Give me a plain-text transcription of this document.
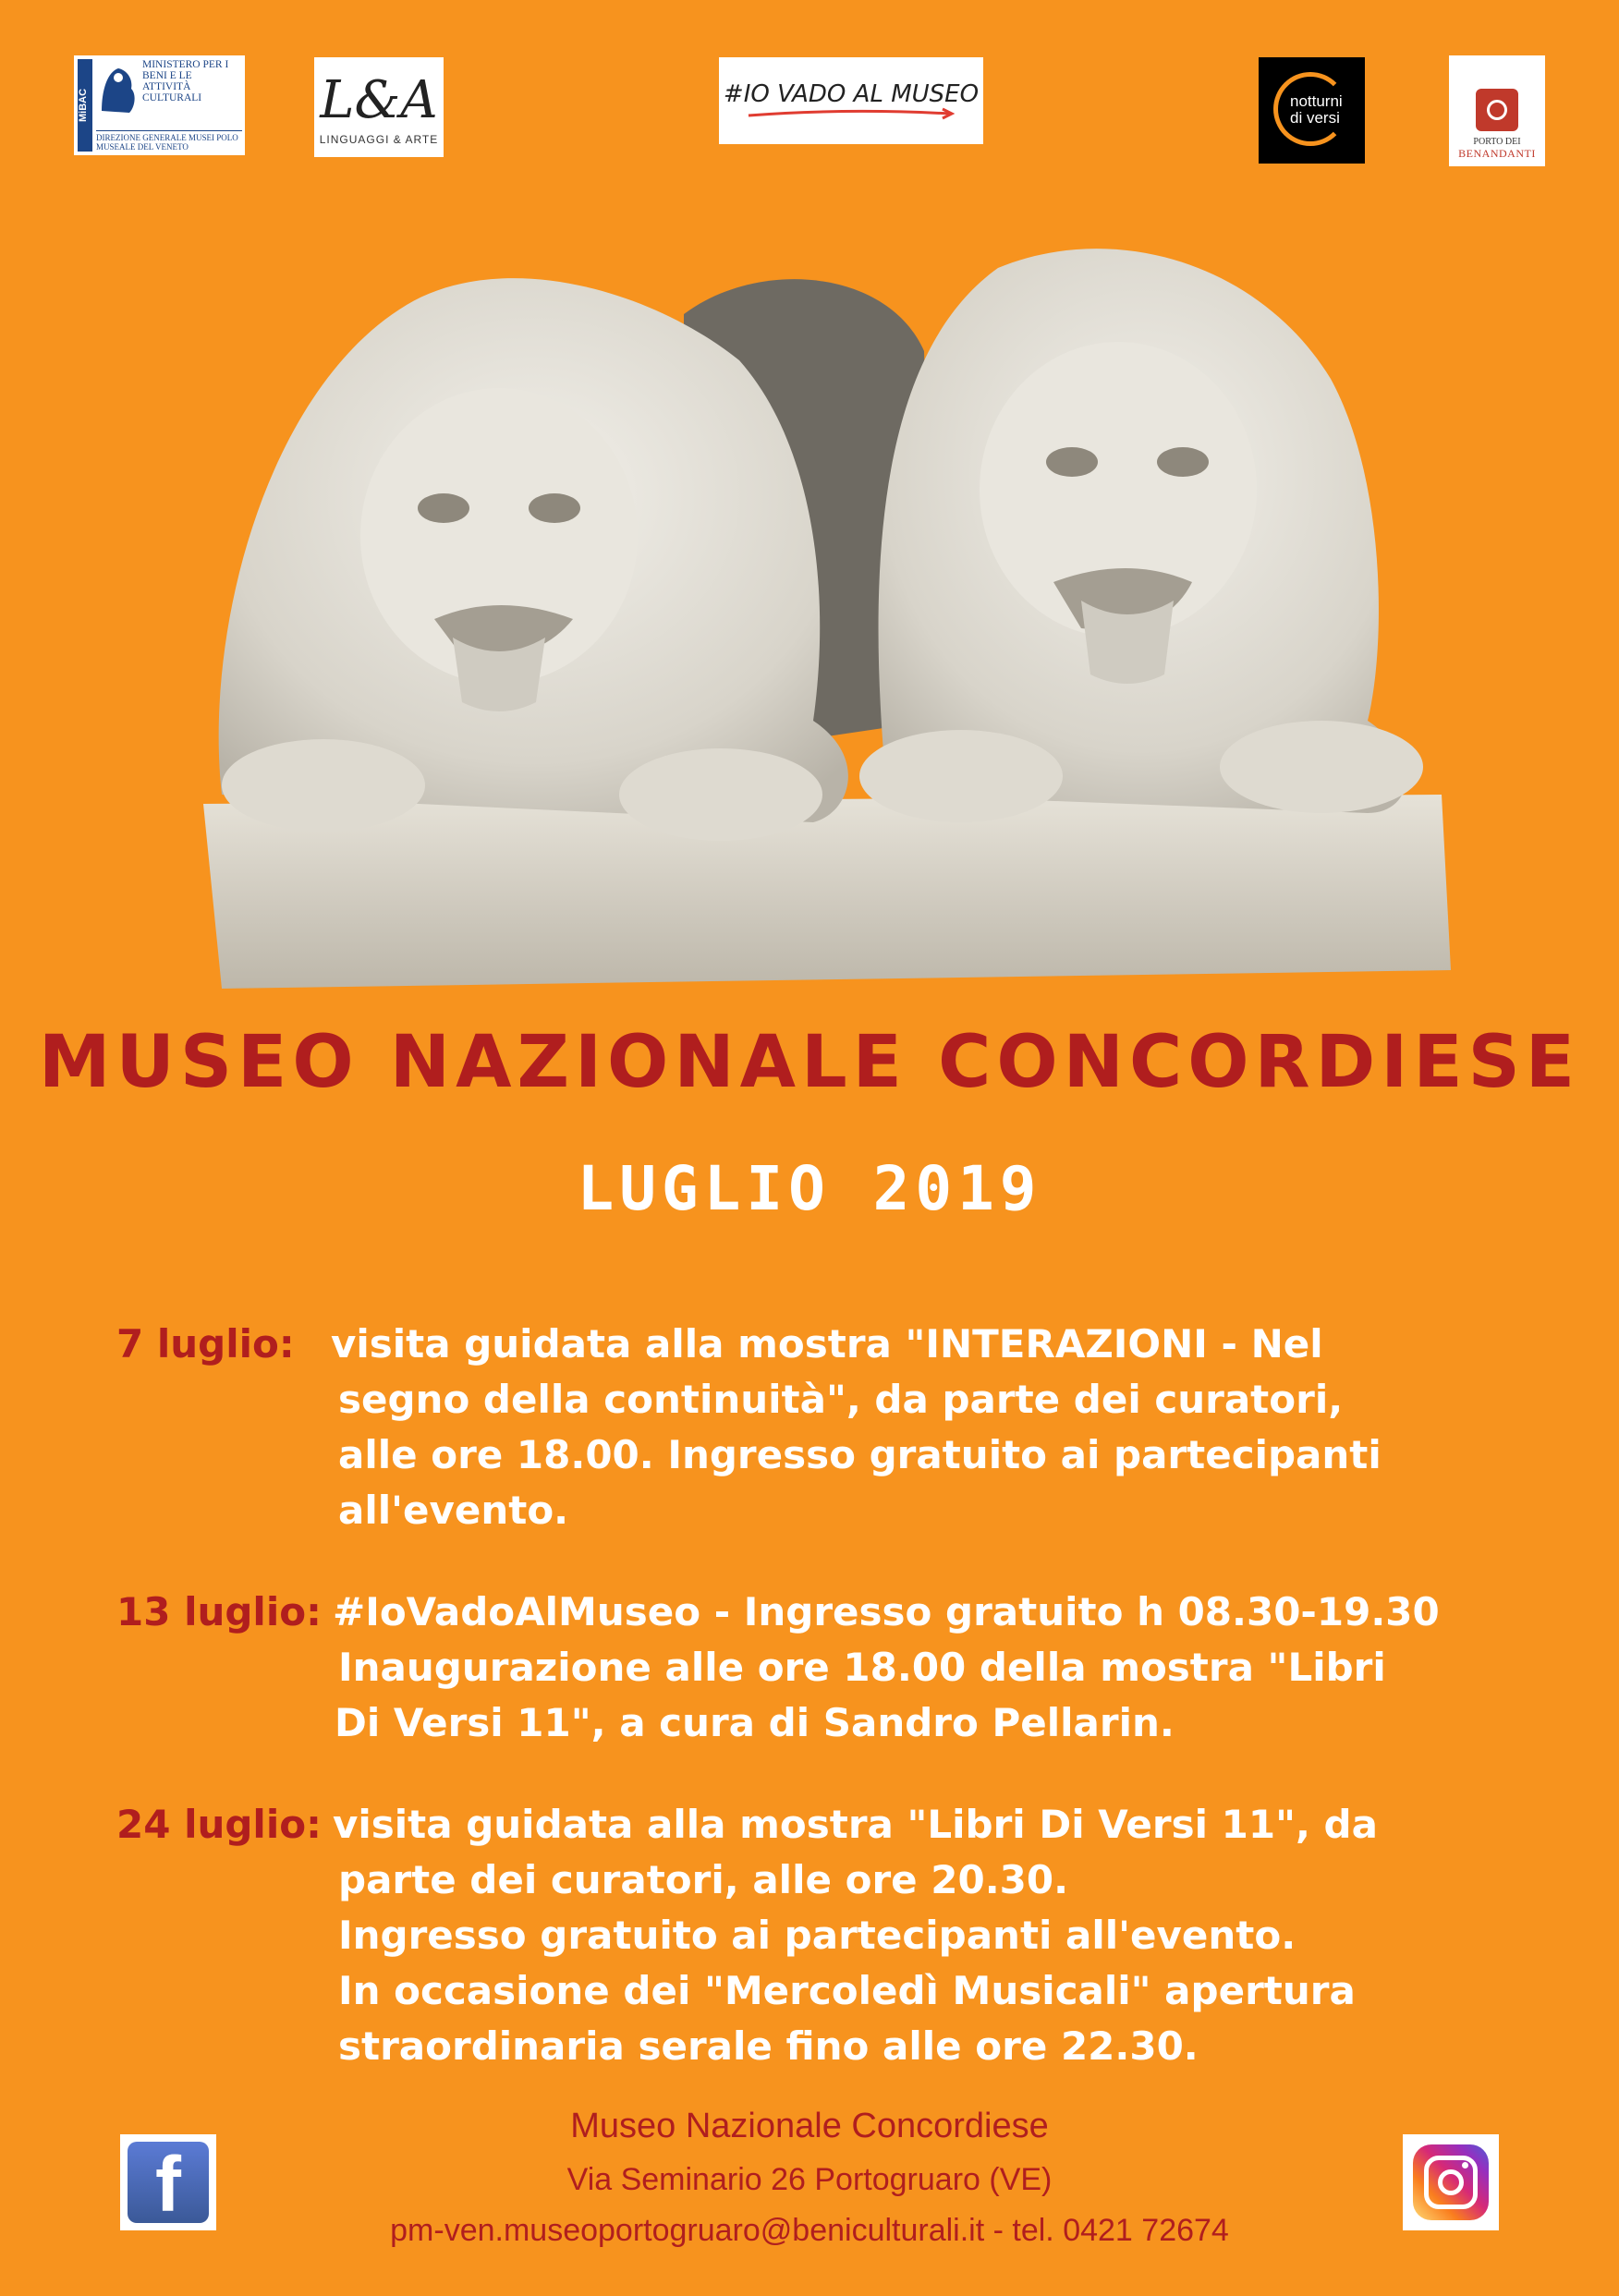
MiBAC
MINISTERO PER I BENI E LE ATTIVITÀ CULTURALI
DIREZIONE GENERALE MUSEI POLO MUSEALE DEL VENETO
L&A
LINGUAGGI & ARTE
#IO VADO AL MUSEO	notturni
di versi
PORTO DEI
BENANDANTI
MUSEO NAZIONALE CONCORDIESE
LUGLIO 2019
7 luglio: visita guidata alla mostra "INTERAZIONI - Nel
segno della continuità", da parte dei curatori,
alle ore 18.00. Ingresso gratuito ai partecipanti
all'evento.
13 luglio: #IoVadoAlMuseo - Ingresso gratuito h 08.30-19.30
Inaugurazione alle ore 18.00 della mostra "Libri
Di Versi 11", a cura di Sandro Pellarin.
24 luglio: visita guidata alla mostra "Libri Di Versi 11", da
parte dei curatori, alle ore 20.30.
Ingresso gratuito ai partecipanti all'evento.
In occasione dei "Mercoledì Musicali" apertura
straordinaria serale fino alle ore 22.30.
f
Museo Nazionale Concordiese
Via Seminario 26 Portogruaro (VE)
pm-ven.museoportogruaro@beniculturali.it - tel. 0421 72674
